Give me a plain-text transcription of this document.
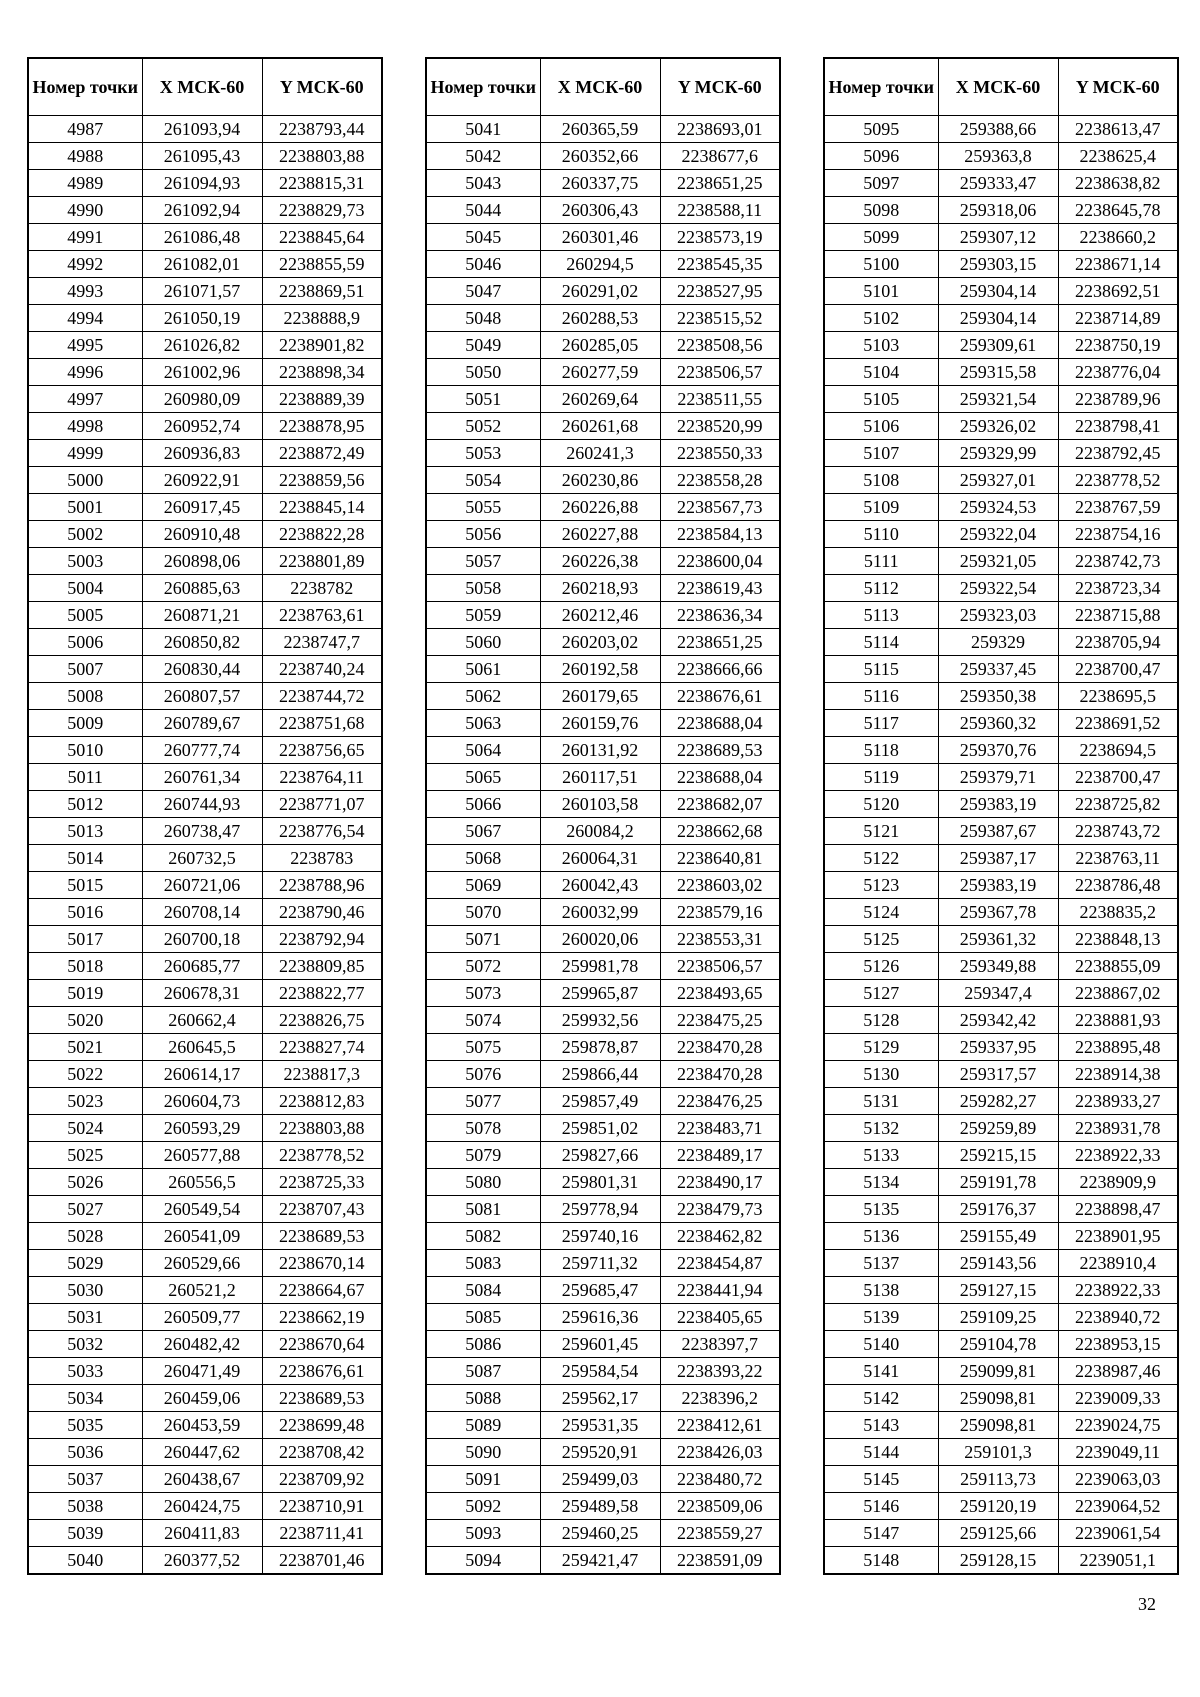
Номер точки	X МСК-60	Y МСК-60
4987	261093,94	2238793,44
4988	261095,43	2238803,88
4989	261094,93	2238815,31
4990	261092,94	2238829,73
4991	261086,48	2238845,64
4992	261082,01	2238855,59
4993	261071,57	2238869,51
4994	261050,19	2238888,9
4995	261026,82	2238901,82
4996	261002,96	2238898,34
4997	260980,09	2238889,39
4998	260952,74	2238878,95
4999	260936,83	2238872,49
5000	260922,91	2238859,56
5001	260917,45	2238845,14
5002	260910,48	2238822,28
5003	260898,06	2238801,89
5004	260885,63	2238782
5005	260871,21	2238763,61
5006	260850,82	2238747,7
5007	260830,44	2238740,24
5008	260807,57	2238744,72
5009	260789,67	2238751,68
5010	260777,74	2238756,65
5011	260761,34	2238764,11
5012	260744,93	2238771,07
5013	260738,47	2238776,54
5014	260732,5	2238783
5015	260721,06	2238788,96
5016	260708,14	2238790,46
5017	260700,18	2238792,94
5018	260685,77	2238809,85
5019	260678,31	2238822,77
5020	260662,4	2238826,75
5021	260645,5	2238827,74
5022	260614,17	2238817,3
5023	260604,73	2238812,83
5024	260593,29	2238803,88
5025	260577,88	2238778,52
5026	260556,5	2238725,33
5027	260549,54	2238707,43
5028	260541,09	2238689,53
5029	260529,66	2238670,14
5030	260521,2	2238664,67
5031	260509,77	2238662,19
5032	260482,42	2238670,64
5033	260471,49	2238676,61
5034	260459,06	2238689,53
5035	260453,59	2238699,48
5036	260447,62	2238708,42
5037	260438,67	2238709,92
5038	260424,75	2238710,91
5039	260411,83	2238711,41
5040	260377,52	2238701,46
Номер точки	X МСК-60	Y МСК-60
5041	260365,59	2238693,01
5042	260352,66	2238677,6
5043	260337,75	2238651,25
5044	260306,43	2238588,11
5045	260301,46	2238573,19
5046	260294,5	2238545,35
5047	260291,02	2238527,95
5048	260288,53	2238515,52
5049	260285,05	2238508,56
5050	260277,59	2238506,57
5051	260269,64	2238511,55
5052	260261,68	2238520,99
5053	260241,3	2238550,33
5054	260230,86	2238558,28
5055	260226,88	2238567,73
5056	260227,88	2238584,13
5057	260226,38	2238600,04
5058	260218,93	2238619,43
5059	260212,46	2238636,34
5060	260203,02	2238651,25
5061	260192,58	2238666,66
5062	260179,65	2238676,61
5063	260159,76	2238688,04
5064	260131,92	2238689,53
5065	260117,51	2238688,04
5066	260103,58	2238682,07
5067	260084,2	2238662,68
5068	260064,31	2238640,81
5069	260042,43	2238603,02
5070	260032,99	2238579,16
5071	260020,06	2238553,31
5072	259981,78	2238506,57
5073	259965,87	2238493,65
5074	259932,56	2238475,25
5075	259878,87	2238470,28
5076	259866,44	2238470,28
5077	259857,49	2238476,25
5078	259851,02	2238483,71
5079	259827,66	2238489,17
5080	259801,31	2238490,17
5081	259778,94	2238479,73
5082	259740,16	2238462,82
5083	259711,32	2238454,87
5084	259685,47	2238441,94
5085	259616,36	2238405,65
5086	259601,45	2238397,7
5087	259584,54	2238393,22
5088	259562,17	2238396,2
5089	259531,35	2238412,61
5090	259520,91	2238426,03
5091	259499,03	2238480,72
5092	259489,58	2238509,06
5093	259460,25	2238559,27
5094	259421,47	2238591,09
Номер точки	X МСК-60	Y МСК-60
5095	259388,66	2238613,47
5096	259363,8	2238625,4
5097	259333,47	2238638,82
5098	259318,06	2238645,78
5099	259307,12	2238660,2
5100	259303,15	2238671,14
5101	259304,14	2238692,51
5102	259304,14	2238714,89
5103	259309,61	2238750,19
5104	259315,58	2238776,04
5105	259321,54	2238789,96
5106	259326,02	2238798,41
5107	259329,99	2238792,45
5108	259327,01	2238778,52
5109	259324,53	2238767,59
5110	259322,04	2238754,16
5111	259321,05	2238742,73
5112	259322,54	2238723,34
5113	259323,03	2238715,88
5114	259329	2238705,94
5115	259337,45	2238700,47
5116	259350,38	2238695,5
5117	259360,32	2238691,52
5118	259370,76	2238694,5
5119	259379,71	2238700,47
5120	259383,19	2238725,82
5121	259387,67	2238743,72
5122	259387,17	2238763,11
5123	259383,19	2238786,48
5124	259367,78	2238835,2
5125	259361,32	2238848,13
5126	259349,88	2238855,09
5127	259347,4	2238867,02
5128	259342,42	2238881,93
5129	259337,95	2238895,48
5130	259317,57	2238914,38
5131	259282,27	2238933,27
5132	259259,89	2238931,78
5133	259215,15	2238922,33
5134	259191,78	2238909,9
5135	259176,37	2238898,47
5136	259155,49	2238901,95
5137	259143,56	2238910,4
5138	259127,15	2238922,33
5139	259109,25	2238940,72
5140	259104,78	2238953,15
5141	259099,81	2238987,46
5142	259098,81	2239009,33
5143	259098,81	2239024,75
5144	259101,3	2239049,11
5145	259113,73	2239063,03
5146	259120,19	2239064,52
5147	259125,66	2239061,54
5148	259128,15	2239051,1
32
